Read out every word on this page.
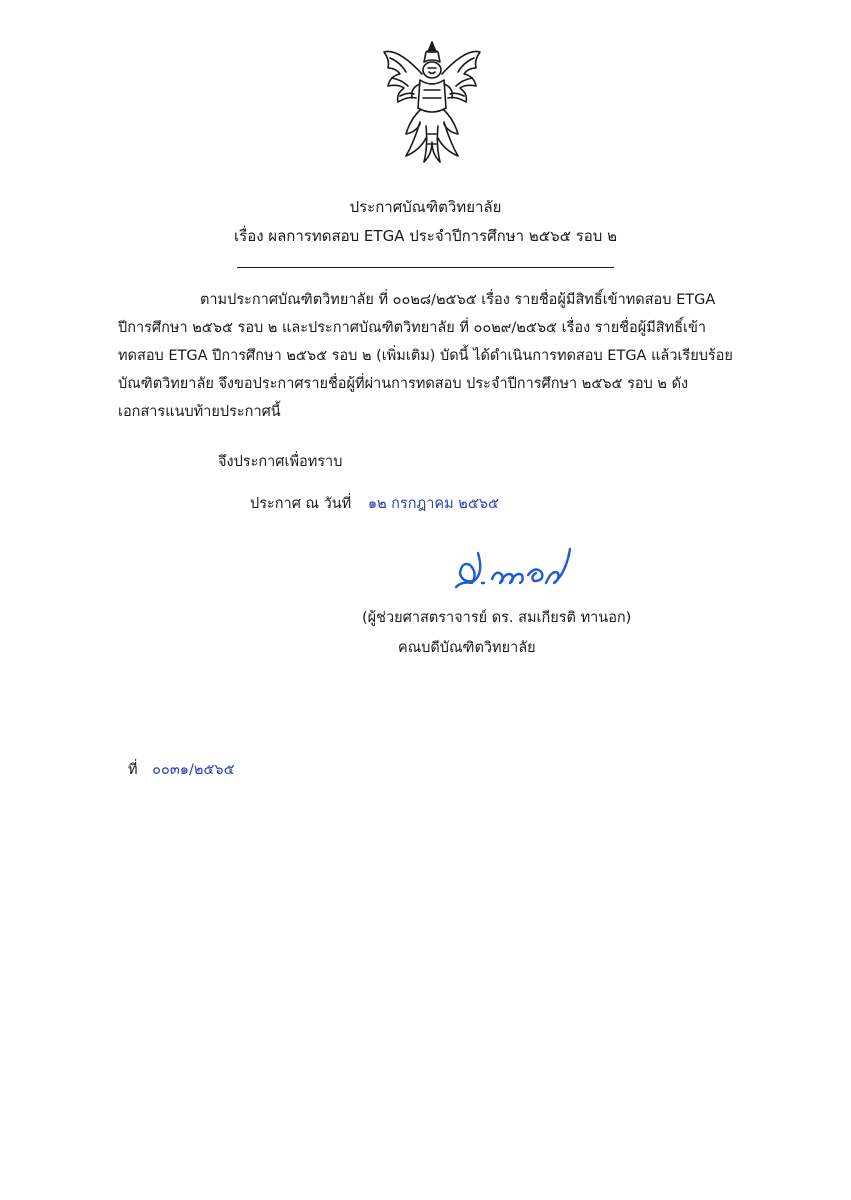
ประกาศบัณฑิตวิทยาลัย
เรื่อง ผลการทดสอบ ETGA ประจำปีการศึกษา ๒๕๖๕ รอบ ๒
ตามประกาศบัณฑิตวิทยาลัย ที่ ๐๐๒๘/๒๕๖๕ เรื่อง รายชื่อผู้มีสิทธิ์เข้าทดสอบ ETGA
ปีการศึกษา ๒๕๖๕ รอบ ๒ และประกาศบัณฑิตวิทยาลัย ที่ ๐๐๒๙/๒๕๖๕ เรื่อง รายชื่อผู้มีสิทธิ์เข้า
ทดสอบ ETGA ปีการศึกษา ๒๕๖๕ รอบ ๒ (เพิ่มเติม) บัดนี้ ได้ดำเนินการทดสอบ ETGA แล้วเรียบร้อย
บัณฑิตวิทยาลัย จึงขอประกาศรายชื่อผู้ที่ผ่านการทดสอบ ประจำปีการศึกษา ๒๕๖๕ รอบ ๒ ดัง
เอกสารแนบท้ายประกาศนี้
จึงประกาศเพื่อทราบ
ประกาศ ณ วันที่ ๑๒ กรกฎาคม ๒๕๖๕
(ผู้ช่วยศาสตราจารย์ ดร. สมเกียรติ ทานอก)
คณบดีบัณฑิตวิทยาลัย
ที่ ๐๐๓๑/๒๕๖๕
